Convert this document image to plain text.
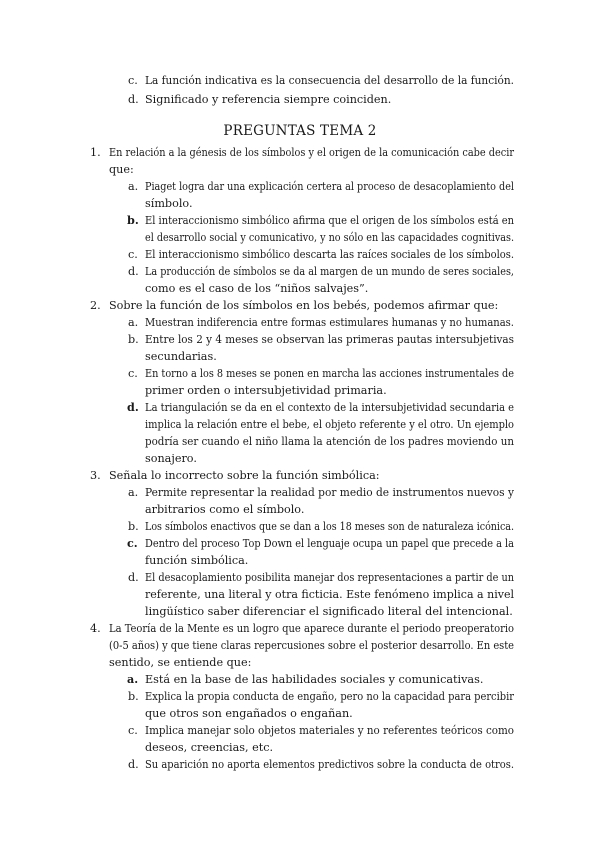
c. La función indicativa es la consecuencia del desarrollo de la función.
d. Significado y referencia siempre coinciden.
PREGUNTAS TEMA 2
1. En relación a la génesis de los símbolos y el origen de la comunicación cabe decir
que:
a. Piaget logra dar una explicación certera al proceso de desacoplamiento del
símbolo.
b. El interaccionismo simbólico afirma que el origen de los símbolos está en
el desarrollo social y comunicativo, y no sólo en las capacidades cognitivas.
c. El interaccionismo simbólico descarta las raíces sociales de los símbolos.
d. La producción de símbolos se da al margen de un mundo de seres sociales,
como es el caso de los “niños salvajes”.
2. Sobre la función de los símbolos en los bebés, podemos afirmar que:
a. Muestran indiferencia entre formas estimulares humanas y no humanas.
b. Entre los 2 y 4 meses se observan las primeras pautas intersubjetivas
secundarias.
c. En torno a los 8 meses se ponen en marcha las acciones instrumentales de
primer orden o intersubjetividad primaria.
d. La triangulación se da en el contexto de la intersubjetividad secundaria e
implica la relación entre el bebe, el objeto referente y el otro. Un ejemplo
podría ser cuando el niño llama la atención de los padres moviendo un
sonajero.
3. Señala lo incorrecto sobre la función simbólica:
a. Permite representar la realidad por medio de instrumentos nuevos y
arbitrarios como el símbolo.
b. Los símbolos enactivos que se dan a los 18 meses son de naturaleza icónica.
c. Dentro del proceso Top Down el lenguaje ocupa un papel que precede a la
función simbólica.
d. El desacoplamiento posibilita manejar dos representaciones a partir de un
referente, una literal y otra ficticia. Este fenómeno implica a nivel
lingüístico saber diferenciar el significado literal del intencional.
4. La Teoría de la Mente es un logro que aparece durante el periodo preoperatorio
(0-5 años) y que tiene claras repercusiones sobre el posterior desarrollo. En este
sentido, se entiende que:
a. Está en la base de las habilidades sociales y comunicativas.
b. Explica la propia conducta de engaño, pero no la capacidad para percibir
que otros son engañados o engañan.
c. Implica manejar solo objetos materiales y no referentes teóricos como
deseos, creencias, etc.
d. Su aparición no aporta elementos predictivos sobre la conducta de otros.
